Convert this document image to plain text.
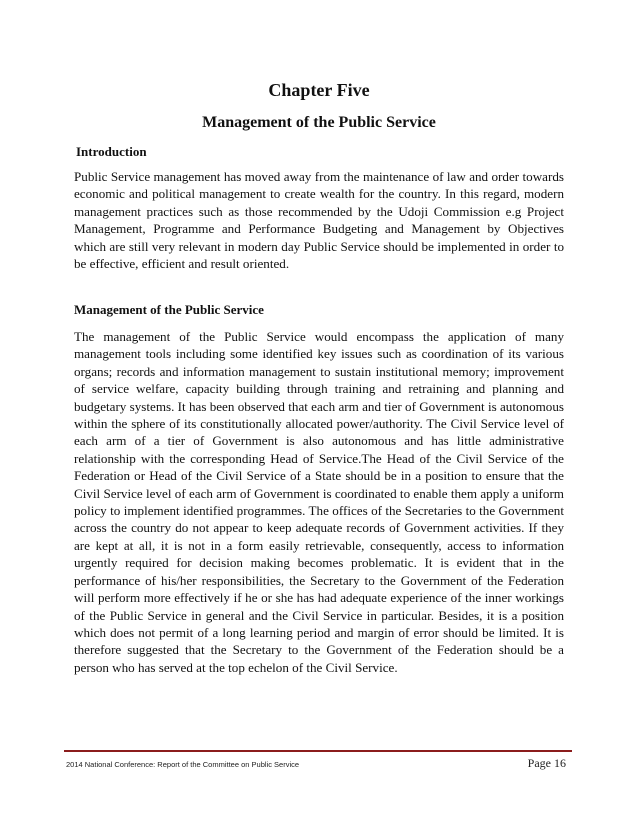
Chapter Five
Management of the Public Service
Introduction

Public Service management has moved away from the maintenance of law and order towards economic and political management to create wealth for the country. In this regard, modern management practices such as those recommended by the Udoji Commission e.g Project Management, Programme and Performance Budgeting and Management by Objectives which are still very relevant in modern day Public Service should be implemented in order to be effective, efficient and result oriented.

Management of the Public Service

The management of the Public Service would encompass the application of many management tools including some identified key issues such as coordination of its various organs; records and information management to sustain institutional memory; improvement of service welfare, capacity building through training and retraining and planning and budgetary systems. It has been observed that each arm and tier of Government is autonomous within the sphere of its constitutionally allocated power/authority. The Civil Service level of each arm of a tier of Government is also autonomous and has little administrative relationship with the corresponding Head of Service.The Head of the Civil Service of the Federation or Head of the Civil Service of a State should be in a position to ensure that the Civil Service level of each arm of Government is coordinated to enable them apply a uniform policy to implement identified programmes. The offices of the Secretaries to the Government across the country do not appear to keep adequate records of Government activities. If they are kept at all, it is not in a form easily retrievable, consequently, access to information urgently required for decision making becomes problematic. It is evident that in the performance of his/her responsibilities, the Secretary to the Government of the Federation will perform more effectively if he or she has had adequate experience of the inner workings of the Public Service in general and the Civil Service in particular. Besides, it is a position which does not permit of a long learning period and margin of error should be limited. It is therefore suggested that the Secretary to the Government of the Federation should be a person who has served at the top echelon of the Civil Service.

2014 National Conference: Report of the Committee on Public Service	Page 16
